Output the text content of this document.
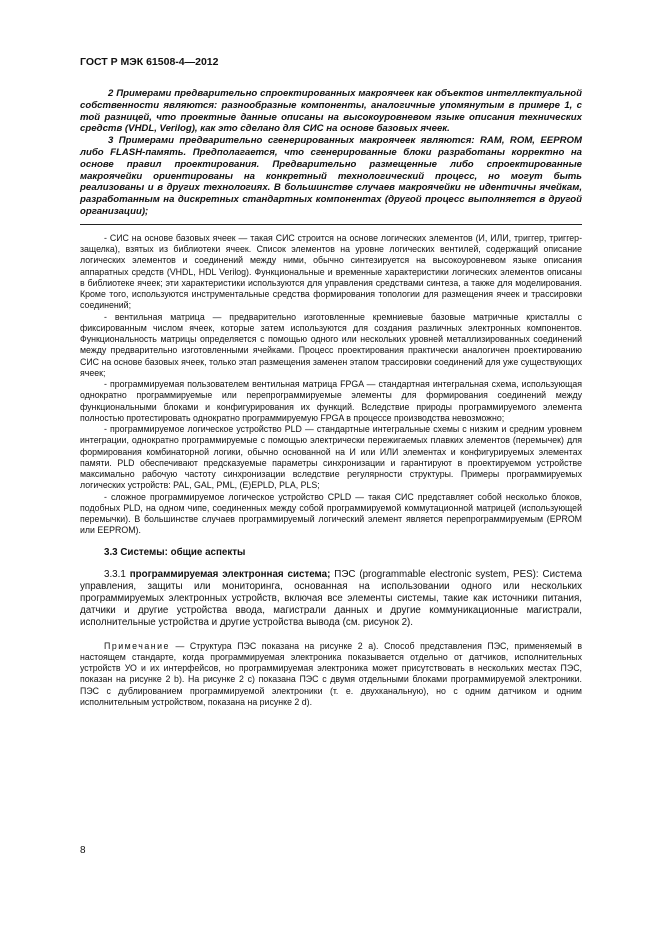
ГОСТ Р МЭК 61508-4—2012

2 Примерами предварительно спроектированных макроячеек как объектов интеллектуальной собственности являются: разнообразные компоненты, аналогичные упомянутым в примере 1, с той разницей, что проектные данные описаны на высокоуровневом языке описания технических средств (VHDL, Verilog), как это сделано для СИС на основе базовых ячеек.

3 Примерами предварительно сгенерированных макроячеек являются: RAM, ROM, EEPROM либо FLASH-память. Предполагается, что сгенерированные блоки разработаны корректно на основе правил проектирования. Предварительно размещенные либо спроектированные макроячейки ориентированы на конкретный технологический процесс, но могут быть реализованы и в других технологиях. В большинстве случаев макроячейки не идентичны ячейкам, разработанным на дискретных стандартных компонентах (другой процесс выполняется в другой организации);

- СИС на основе базовых ячеек — такая СИС строится на основе логических элементов (И, ИЛИ, триггер, триггер-защелка), взятых из библиотеки ячеек. Список элементов на уровне логических вентилей, содержащий описание логических элементов и соединений между ними, обычно синтезируется на высокоуровневом языке описания аппаратных средств (VHDL, HDL Verilog). Функциональные и временные характеристики логических элементов описаны в библиотеке ячеек; эти характеристики используются для управления средствами синтеза, а также для моделирования. Кроме того, используются инструментальные средства формирования топологии для размещения ячеек и трассировки соединений;

- вентильная матрица — предварительно изготовленные кремниевые базовые матричные кристаллы с фиксированным числом ячеек, которые затем используются для создания различных электронных компонентов. Функциональность матрицы определяется с помощью одного или нескольких уровней металлизированных соединений между предварительно изготовленными ячейками. Процесс проектирования практически аналогичен проектированию СИС на основе базовых ячеек, только этап размещения заменен этапом трассировки соединений для уже существующих ячеек;

- программируемая пользователем вентильная матрица FPGA — стандартная интегральная схема, использующая однократно программируемые или перепрограммируемые элементы для формирования соединений между функциональными блоками и конфигурирования их функций. Вследствие природы программируемого элемента полностью протестировать однократно программируемую FPGA в процессе производства невозможно;

- программируемое логическое устройство PLD — стандартные интегральные схемы с низким и средним уровнем интеграции, однократно программируемые с помощью электрически пережигаемых плавких элементов (перемычек) для формирования комбинаторной логики, обычно основанной на И или ИЛИ элементах и конфигурируемых элементах памяти. PLD обеспечивают предсказуемые параметры синхронизации и гарантируют в проектируемом устройстве максимально рабочую частоту синхронизации вследствие регулярности структуры. Примеры программируемых логических устройств: PAL, GAL, PML, (E)EPLD, PLA, PLS;

- сложное программируемое логическое устройство CPLD — такая СИС представляет собой несколько блоков, подобных PLD, на одном чипе, соединенных между собой программируемой коммутационной матрицей (использующей перемычки). В большинстве случаев программируемый логический элемент является перепрограммируемым (EPROM или EEPROM).

3.3 Системы: общие аспекты

3.3.1 программируемая электронная система; ПЭС (programmable electronic system, PES): Система управления, защиты или мониторинга, основанная на использовании одного или нескольких программируемых электронных устройств, включая все элементы системы, такие как источники питания, датчики и другие устройства ввода, магистрали данных и другие коммуникационные магистрали, исполнительные устройства и другие устройства вывода (см. рисунок 2).

Примечание — Структура ПЭС показана на рисунке 2 а). Способ представления ПЭС, применяемый в настоящем стандарте, когда программируемая электроника показывается отдельно от датчиков, исполнительных устройств УО и их интерфейсов, но программируемая электроника может присутствовать в нескольких местах ПЭС, показан на рисунке 2 b). На рисунке 2 с) показана ПЭС с двумя отдельными блоками программируемой электроники. ПЭС с дублированием программируемой электроники (т. е. двухканальную), но с одним датчиком и одним исполнительным устройством, показана на рисунке 2 d).

8
